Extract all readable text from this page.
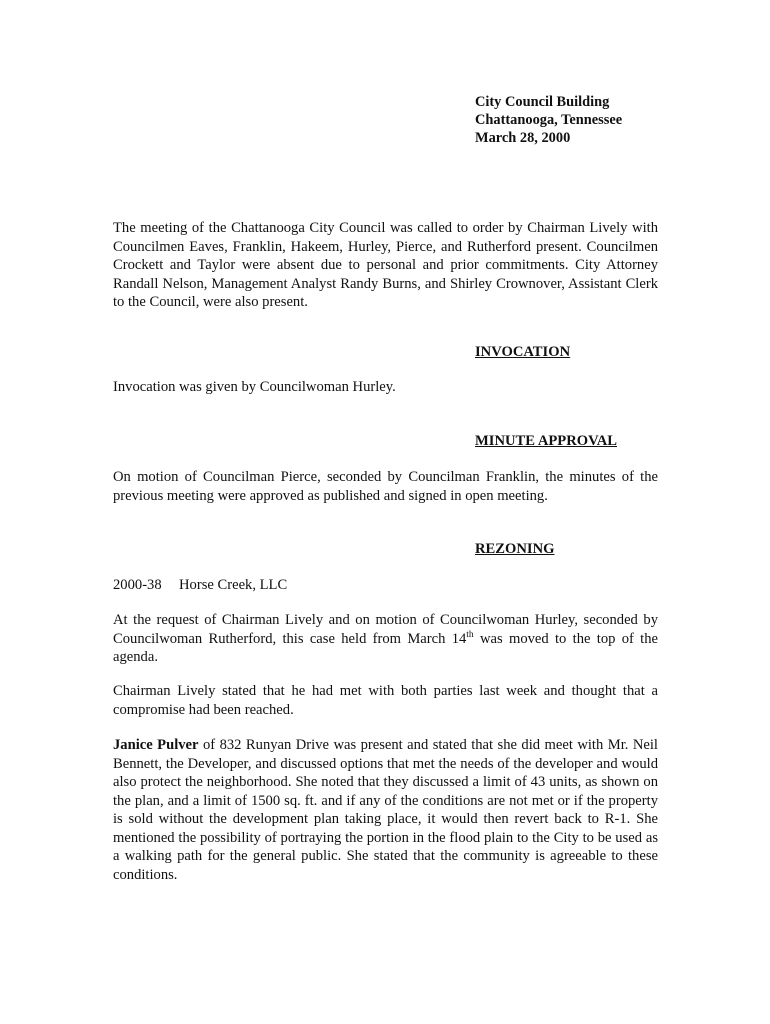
City Council Building
Chattanooga, Tennessee
March 28, 2000

The meeting of the Chattanooga City Council was called to order by Chairman Lively with Councilmen Eaves, Franklin, Hakeem, Hurley, Pierce, and Rutherford present. Councilmen Crockett and Taylor were absent due to personal and prior commitments. City Attorney Randall Nelson, Management Analyst Randy Burns, and Shirley Crownover, Assistant Clerk to the Council, were also present.

INVOCATION

Invocation was given by Councilwoman Hurley.

MINUTE APPROVAL

On motion of Councilman Pierce, seconded by Councilman Franklin, the minutes of the previous meeting were approved as published and signed in open meeting.

REZONING

2000-38 Horse Creek, LLC

At the request of Chairman Lively and on motion of Councilwoman Hurley, seconded by Councilwoman Rutherford, this case held from March 14th was moved to the top of the agenda.

Chairman Lively stated that he had met with both parties last week and thought that a compromise had been reached.

Janice Pulver of 832 Runyan Drive was present and stated that she did meet with Mr. Neil Bennett, the Developer, and discussed options that met the needs of the developer and would also protect the neighborhood. She noted that they discussed a limit of 43 units, as shown on the plan, and a limit of 1500 sq. ft. and if any of the conditions are not met or if the property is sold without the development plan taking place, it would then revert back to R-1. She mentioned the possibility of portraying the portion in the flood plain to the City to be used as a walking path for the general public. She stated that the community is agreeable to these conditions.
